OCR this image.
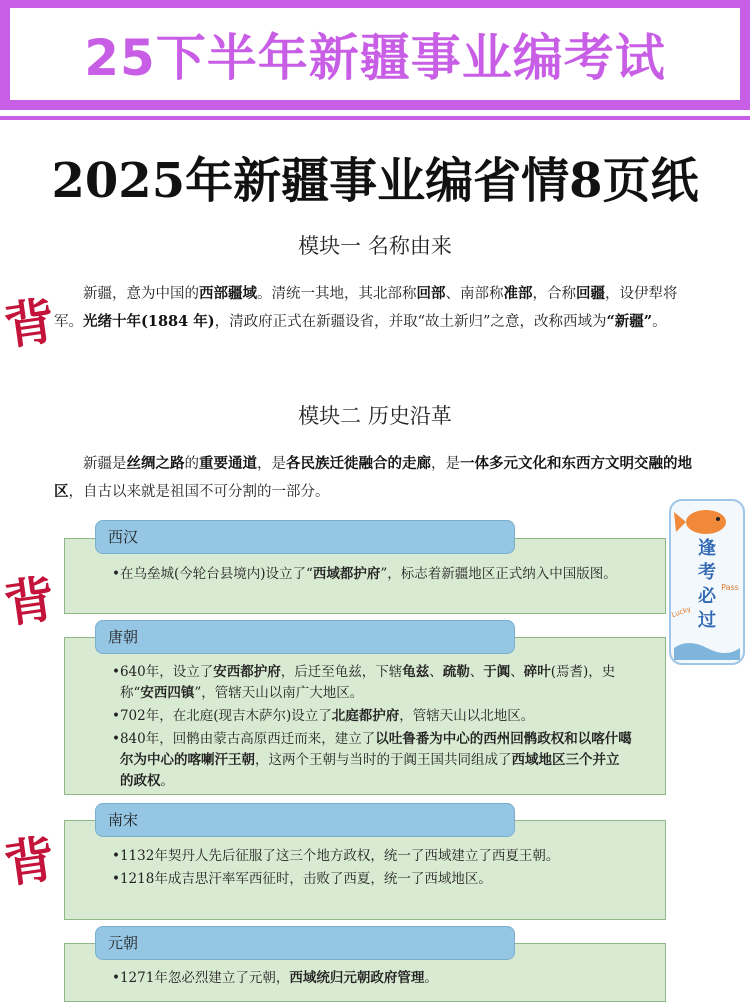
25下半年新疆事业编考试
2025年新疆事业编省情8页纸
模块一 名称由来
新疆，意为中国的西部疆域。清统一其地，其北部称回部、南部称准部，合称回疆，设伊犁将军。光绪十年(1884 年)，清政府正式在新疆设省，并取“故土新归”之意，改称西域为“新疆”。
模块二 历史沿革
新疆是丝绸之路的重要通道，是各民族迁徙融合的走廊，是一体多元文化和东西方文明交融的地区，自古以来就是祖国不可分割的一部分。
西汉
•在乌垒城(今轮台县境内)设立了“西域都护府”，标志着新疆地区正式纳入中国版图。
唐朝
•640年，设立了安西都护府，后迁至龟兹，下辖龟兹、疏勒、于阗、碎叶(焉耆)，史称“安西四镇”，管辖天山以南广大地区。
•702年，在北庭(现吉木萨尔)设立了北庭都护府，管辖天山以北地区。
•840年，回鹘由蒙古高原西迁而来，建立了以吐鲁番为中心的西州回鹘政权和以喀什噶尔为中心的喀喇汗王朝，这两个王朝与当时的于阗王国共同组成了西域地区三个并立的政权。
南宋
•1132年契丹人先后征服了这三个地方政权，统一了西域建立了西夏王朝。
•1218年成吉思汗率军西征时，击败了西夏，统一了西域地区。
元朝
•1271年忽必烈建立了元朝，西域统归元朝政府管理。
背
背
背
逢
考
必
过
Pass
Lucky
